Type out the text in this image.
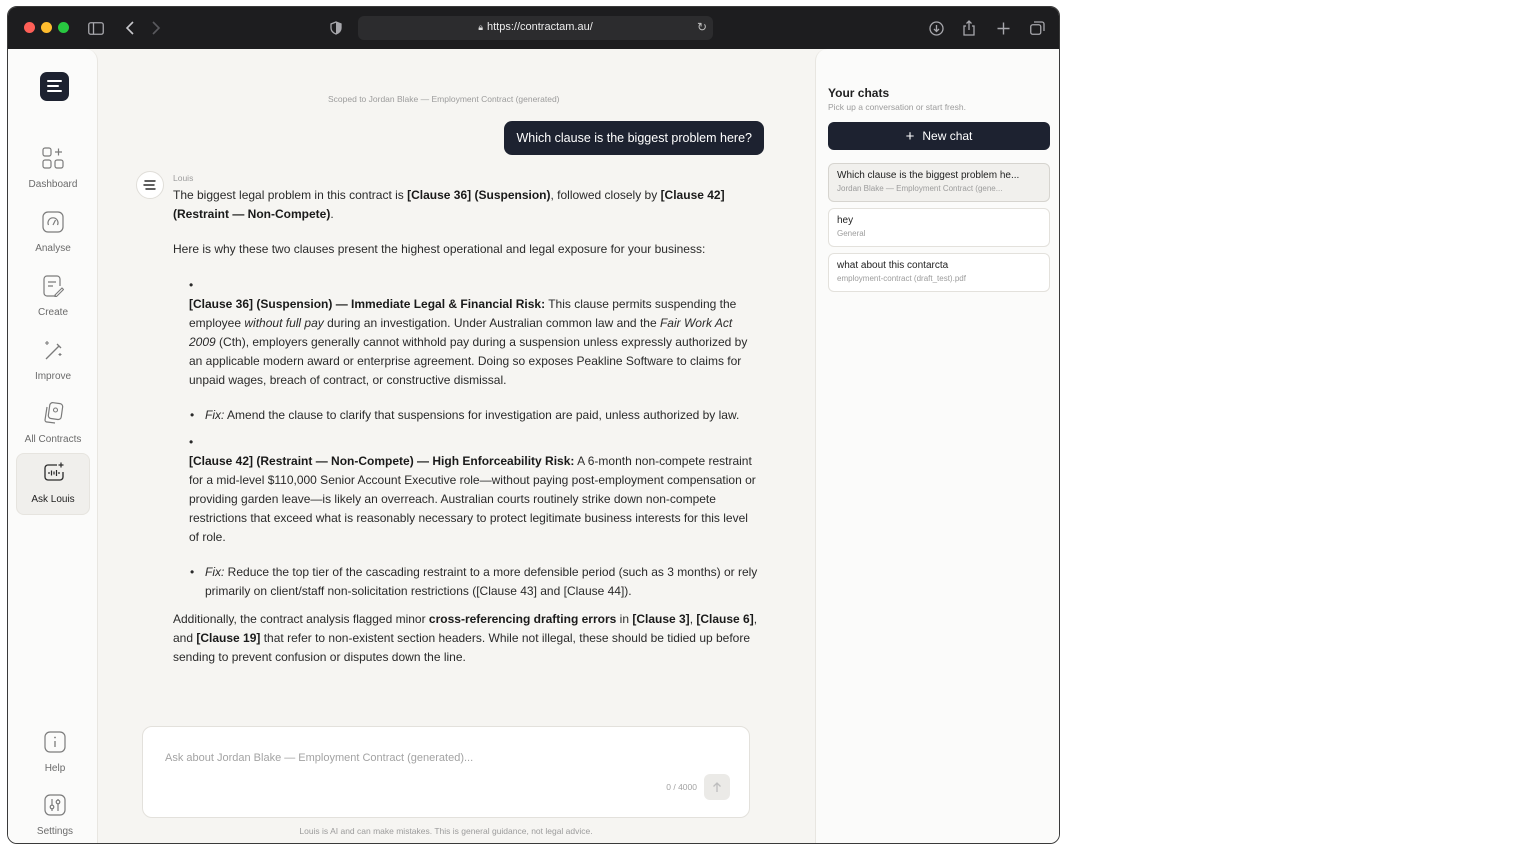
🔒︎ https://contractam.au/	↻
Dashboard
Analyse
Create
Improve
All Contracts
Ask Louis
Help
Settings
Scoped to Jordan Blake — Employment Contract (generated)
Which clause is the biggest problem here?
Louis

The biggest legal problem in this contract is [Clause 36] (Suspension), followed closely by [Clause 42] (Restraint — Non-Compete).

Here is why these two clauses present the highest operational and legal exposure for your business:

•

[Clause 36] (Suspension) — Immediate Legal & Financial Risk: This clause permits suspending the employee without full pay during an investigation. Under Australian common law and the Fair Work Act 2009 (Cth), employers generally cannot withhold pay during a suspension unless expressly authorized by an applicable modern award or enterprise agreement. Doing so exposes Peakline Software to claims for unpaid wages, breach of contract, or constructive dismissal.

• Fix: Amend the clause to clarify that suspensions for investigation are paid, unless authorized by law.

•

[Clause 42] (Restraint — Non-Compete) — High Enforceability Risk: A 6-month non-compete restraint for a mid-level $110,000 Senior Account Executive role—without paying post-employment compensation or providing garden leave—is likely an overreach. Australian courts routinely strike down non-compete restrictions that exceed what is reasonably necessary to protect legitimate business interests for this level of role.

• Fix: Reduce the top tier of the cascading restraint to a more defensible period (such as 3 months) or rely primarily on client/staff non-solicitation restrictions ([Clause 43] and [Clause 44]).

Additionally, the contract analysis flagged minor cross-referencing drafting errors in [Clause 3], [Clause 6], and [Clause 19] that refer to non-existent section headers. While not illegal, these should be tidied up before sending to prevent confusion or disputes down the line.

Ask about Jordan Blake — Employment Contract (generated)...
0 / 4000
Louis is AI and can make mistakes. This is general guidance, not legal advice.
Your chats
Pick up a conversation or start fresh.
+ New chat
Which clause is the biggest problem he...
Jordan Blake — Employment Contract (gene...
hey
General
what about this contarcta
employment-contract (draft_test).pdf
